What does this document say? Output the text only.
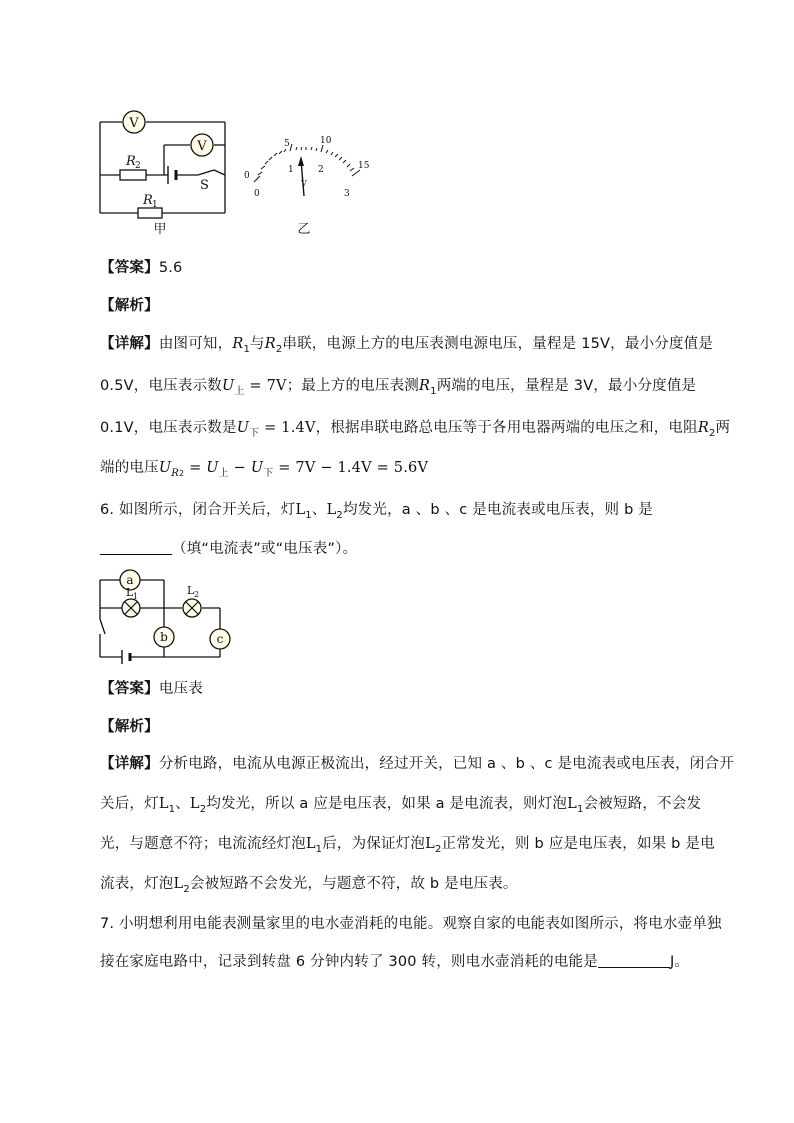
V
V
R 2
R 1
S
甲
0
5	10
15
0
1	2
3
V
乙
【答案】5.6
【解析】
【详解】由图可知，$R_1$与$R_2$串联，电源上方的电压表测电源电压，量程是 15V，最小分度值是
0.5V，电压表示数$U_上 = 7V$；最上方的电压表测$R_1$两端的电压，量程是 3V，最小分度值是
0.1V，电压表示数是$U_下 = 1.4V$，根据串联电路总电压等于各用电器两端的电压之和，电阻$R_2$两
端的电压$U_{R2} = U_上 - U_下 = 7V - 1.4V = 5.6V$
6. 如图所示，闭合开关后，灯$L_1$、$L_2$均发光，a 、b 、c 是电流表或电压表，则 b 是
（填“电流表”或“电压表”）。
a
b	c
L 1	L 2
【答案】电压表
【解析】
【详解】分析电路，电流从电源正极流出，经过开关，已知 a 、b 、c 是电流表或电压表，闭合开
关后，灯$L_1$、$L_2$均发光，所以 a 应是电压表，如果 a 是电流表，则灯泡$L_1$会被短路，不会发
光，与题意不符；电流流经灯泡$L_1$后，为保证灯泡$L_2$正常发光，则 b 应是电压表，如果 b 是电
流表，灯泡$L_2$会被短路不会发光，与题意不符，故 b 是电压表。
7. 小明想利用电能表测量家里的电水壶消耗的电能。观察自家的电能表如图所示，将电水壶单独
接在家庭电路中，记录到转盘 6 分钟内转了 300 转，则电水壶消耗的电能是	J。
